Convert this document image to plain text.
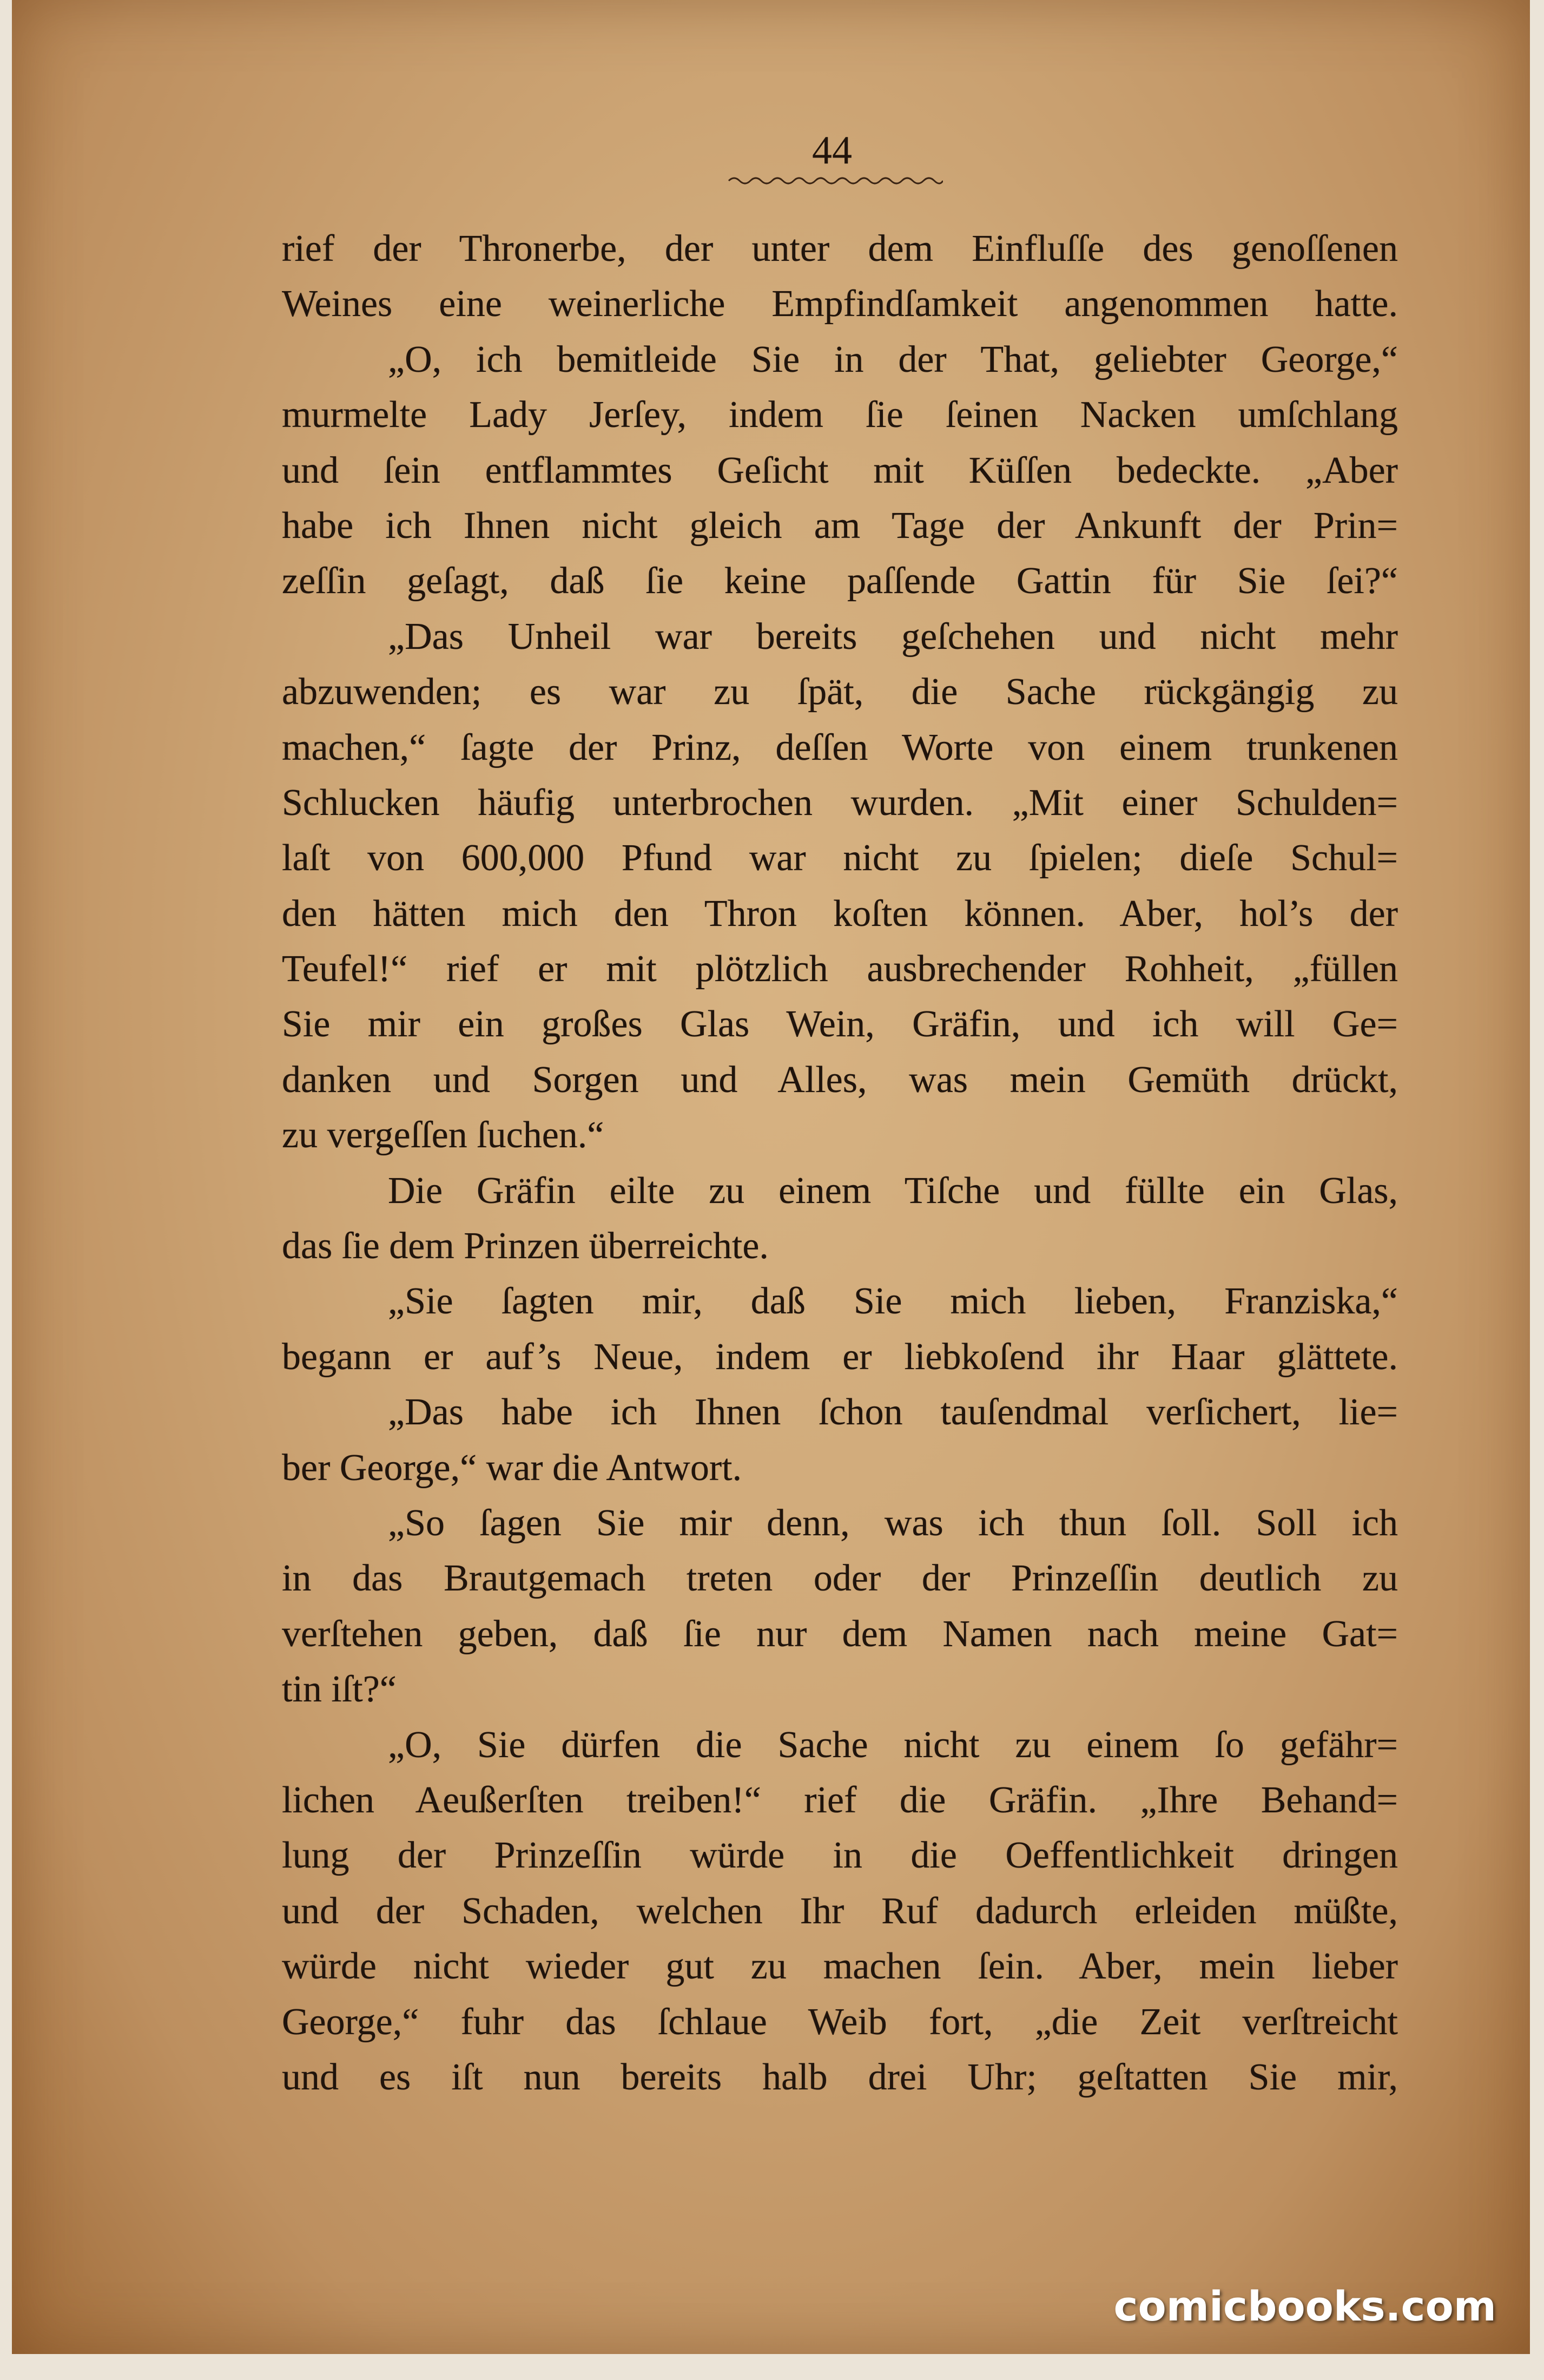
44
rief der Thronerbe, der unter dem Einfluſſe des genoſſenen
Weines eine weinerliche Empfindſamkeit angenommen hatte.
„O, ich bemitleide Sie in der That, geliebter George,“
murmelte Lady Jerſey, indem ſie ſeinen Nacken umſchlang
und ſein entflammtes Geſicht mit Küſſen bedeckte. „Aber
habe ich Ihnen nicht gleich am Tage der Ankunft der Prin=
zeſſin geſagt, daß ſie keine paſſende Gattin für Sie ſei?“
„Das Unheil war bereits geſchehen und nicht mehr
abzuwenden; es war zu ſpät, die Sache rückgängig zu
machen,“ ſagte der Prinz, deſſen Worte von einem trunkenen
Schlucken häufig unterbrochen wurden. „Mit einer Schulden=
laſt von 600,000 Pfund war nicht zu ſpielen; dieſe Schul=
den hätten mich den Thron koſten können. Aber, hol’s der
Teufel!“ rief er mit plötzlich ausbrechender Rohheit, „füllen
Sie mir ein großes Glas Wein, Gräfin, und ich will Ge=
danken und Sorgen und Alles, was mein Gemüth drückt,
zu vergeſſen ſuchen.“
Die Gräfin eilte zu einem Tiſche und füllte ein Glas,
das ſie dem Prinzen überreichte.
„Sie ſagten mir, daß Sie mich lieben, Franziska,“
begann er auf’s Neue, indem er liebkoſend ihr Haar glättete.
„Das habe ich Ihnen ſchon tauſendmal verſichert, lie=
ber George,“ war die Antwort.
„So ſagen Sie mir denn, was ich thun ſoll. Soll ich
in das Brautgemach treten oder der Prinzeſſin deutlich zu
verſtehen geben, daß ſie nur dem Namen nach meine Gat=
tin iſt?“
„O, Sie dürfen die Sache nicht zu einem ſo gefähr=
lichen Aeußerſten treiben!“ rief die Gräfin. „Ihre Behand=
lung der Prinzeſſin würde in die Oeffentlichkeit dringen
und der Schaden, welchen Ihr Ruf dadurch erleiden müßte,
würde nicht wieder gut zu machen ſein. Aber, mein lieber
George,“ fuhr das ſchlaue Weib fort, „die Zeit verſtreicht
und es iſt nun bereits halb drei Uhr; geſtatten Sie mir,
comicbooks.com
